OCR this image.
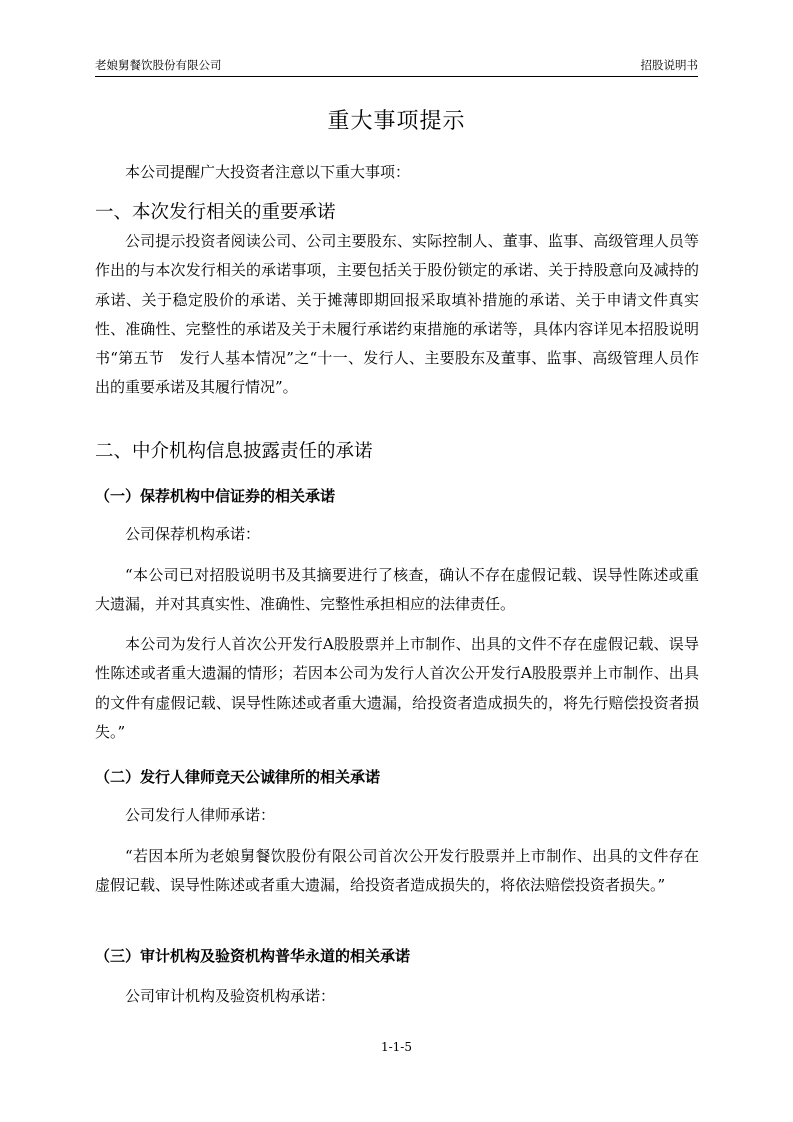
老娘舅餐饮股份有限公司	招股说明书
重大事项提示
本公司提醒广大投资者注意以下重大事项：
一、本次发行相关的重要承诺
公司提示投资者阅读公司、公司主要股东、实际控制人、董事、监事、高级管理人员等作出的与本次发行相关的承诺事项，主要包括关于股份锁定的承诺、关于持股意向及减持的承诺、关于稳定股价的承诺、关于摊薄即期回报采取填补措施的承诺、关于申请文件真实性、准确性、完整性的承诺及关于未履行承诺约束措施的承诺等，具体内容详见本招股说明书“第五节　发行人基本情况”之“十一、发行人、主要股东及董事、监事、高级管理人员作出的重要承诺及其履行情况”。
二、中介机构信息披露责任的承诺
（一）保荐机构中信证券的相关承诺
公司保荐机构承诺：
“本公司已对招股说明书及其摘要进行了核查，确认不存在虚假记载、误导性陈述或重大遗漏，并对其真实性、准确性、完整性承担相应的法律责任。
本公司为发行人首次公开发行A股股票并上市制作、出具的文件不存在虚假记载、误导性陈述或者重大遗漏的情形；若因本公司为发行人首次公开发行A股股票并上市制作、出具的文件有虚假记载、误导性陈述或者重大遗漏，给投资者造成损失的，将先行赔偿投资者损失。”
（二）发行人律师竞天公诚律所的相关承诺
公司发行人律师承诺：
“若因本所为老娘舅餐饮股份有限公司首次公开发行股票并上市制作、出具的文件存在虚假记载、误导性陈述或者重大遗漏，给投资者造成损失的，将依法赔偿投资者损失。”
（三）审计机构及验资机构普华永道的相关承诺
公司审计机构及验资机构承诺：
1-1-5
